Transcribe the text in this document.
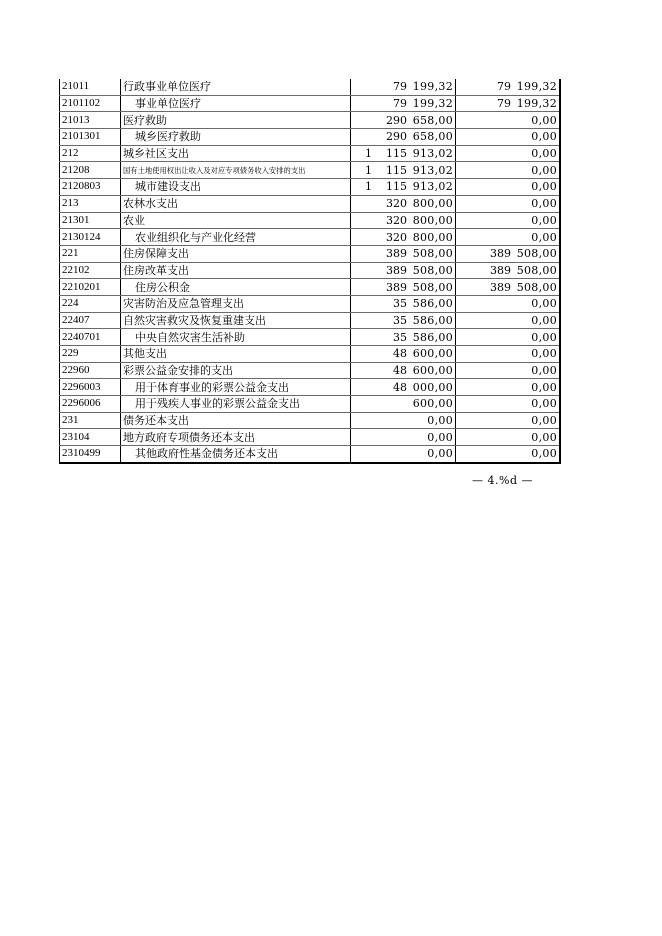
21011	行政事业单位医疗	79 199,32	79 199,32

2101102	事业单位医疗	79 199,32	79 199,32

21013	医疗救助	290 658,00	0,00

2101301	城乡医疗救助	290 658,00	0,00

212	城乡社区支出	1 115 913,02	0,00

21208	国有土地使用权出让收入及对应专项债务收入安排的支出	1 115 913,02	0,00

2120803	城市建设支出	1 115 913,02	0,00

213	农林水支出	320 800,00	0,00

21301	农业	320 800,00	0,00

2130124	农业组织化与产业化经营	320 800,00	0,00

221	住房保障支出	389 508,00	389 508,00

22102	住房改革支出	389 508,00	389 508,00

2210201	住房公积金	389 508,00	389 508,00

224	灾害防治及应急管理支出	35 586,00	0,00

22407	自然灾害救灾及恢复重建支出	35 586,00	0,00

2240701	中央自然灾害生活补助	35 586,00	0,00

229	其他支出	48 600,00	0,00

22960	彩票公益金安排的支出	48 600,00	0,00

2296003	用于体育事业的彩票公益金支出	48 000,00	0,00

2296006	用于残疾人事业的彩票公益金支出	600,00	0,00

231	债务还本支出	0,00	0,00

23104	地方政府专项债务还本支出	0,00	0,00

2310499	其他政府性基金债务还本支出	0,00	0,00
— 4.%d —
